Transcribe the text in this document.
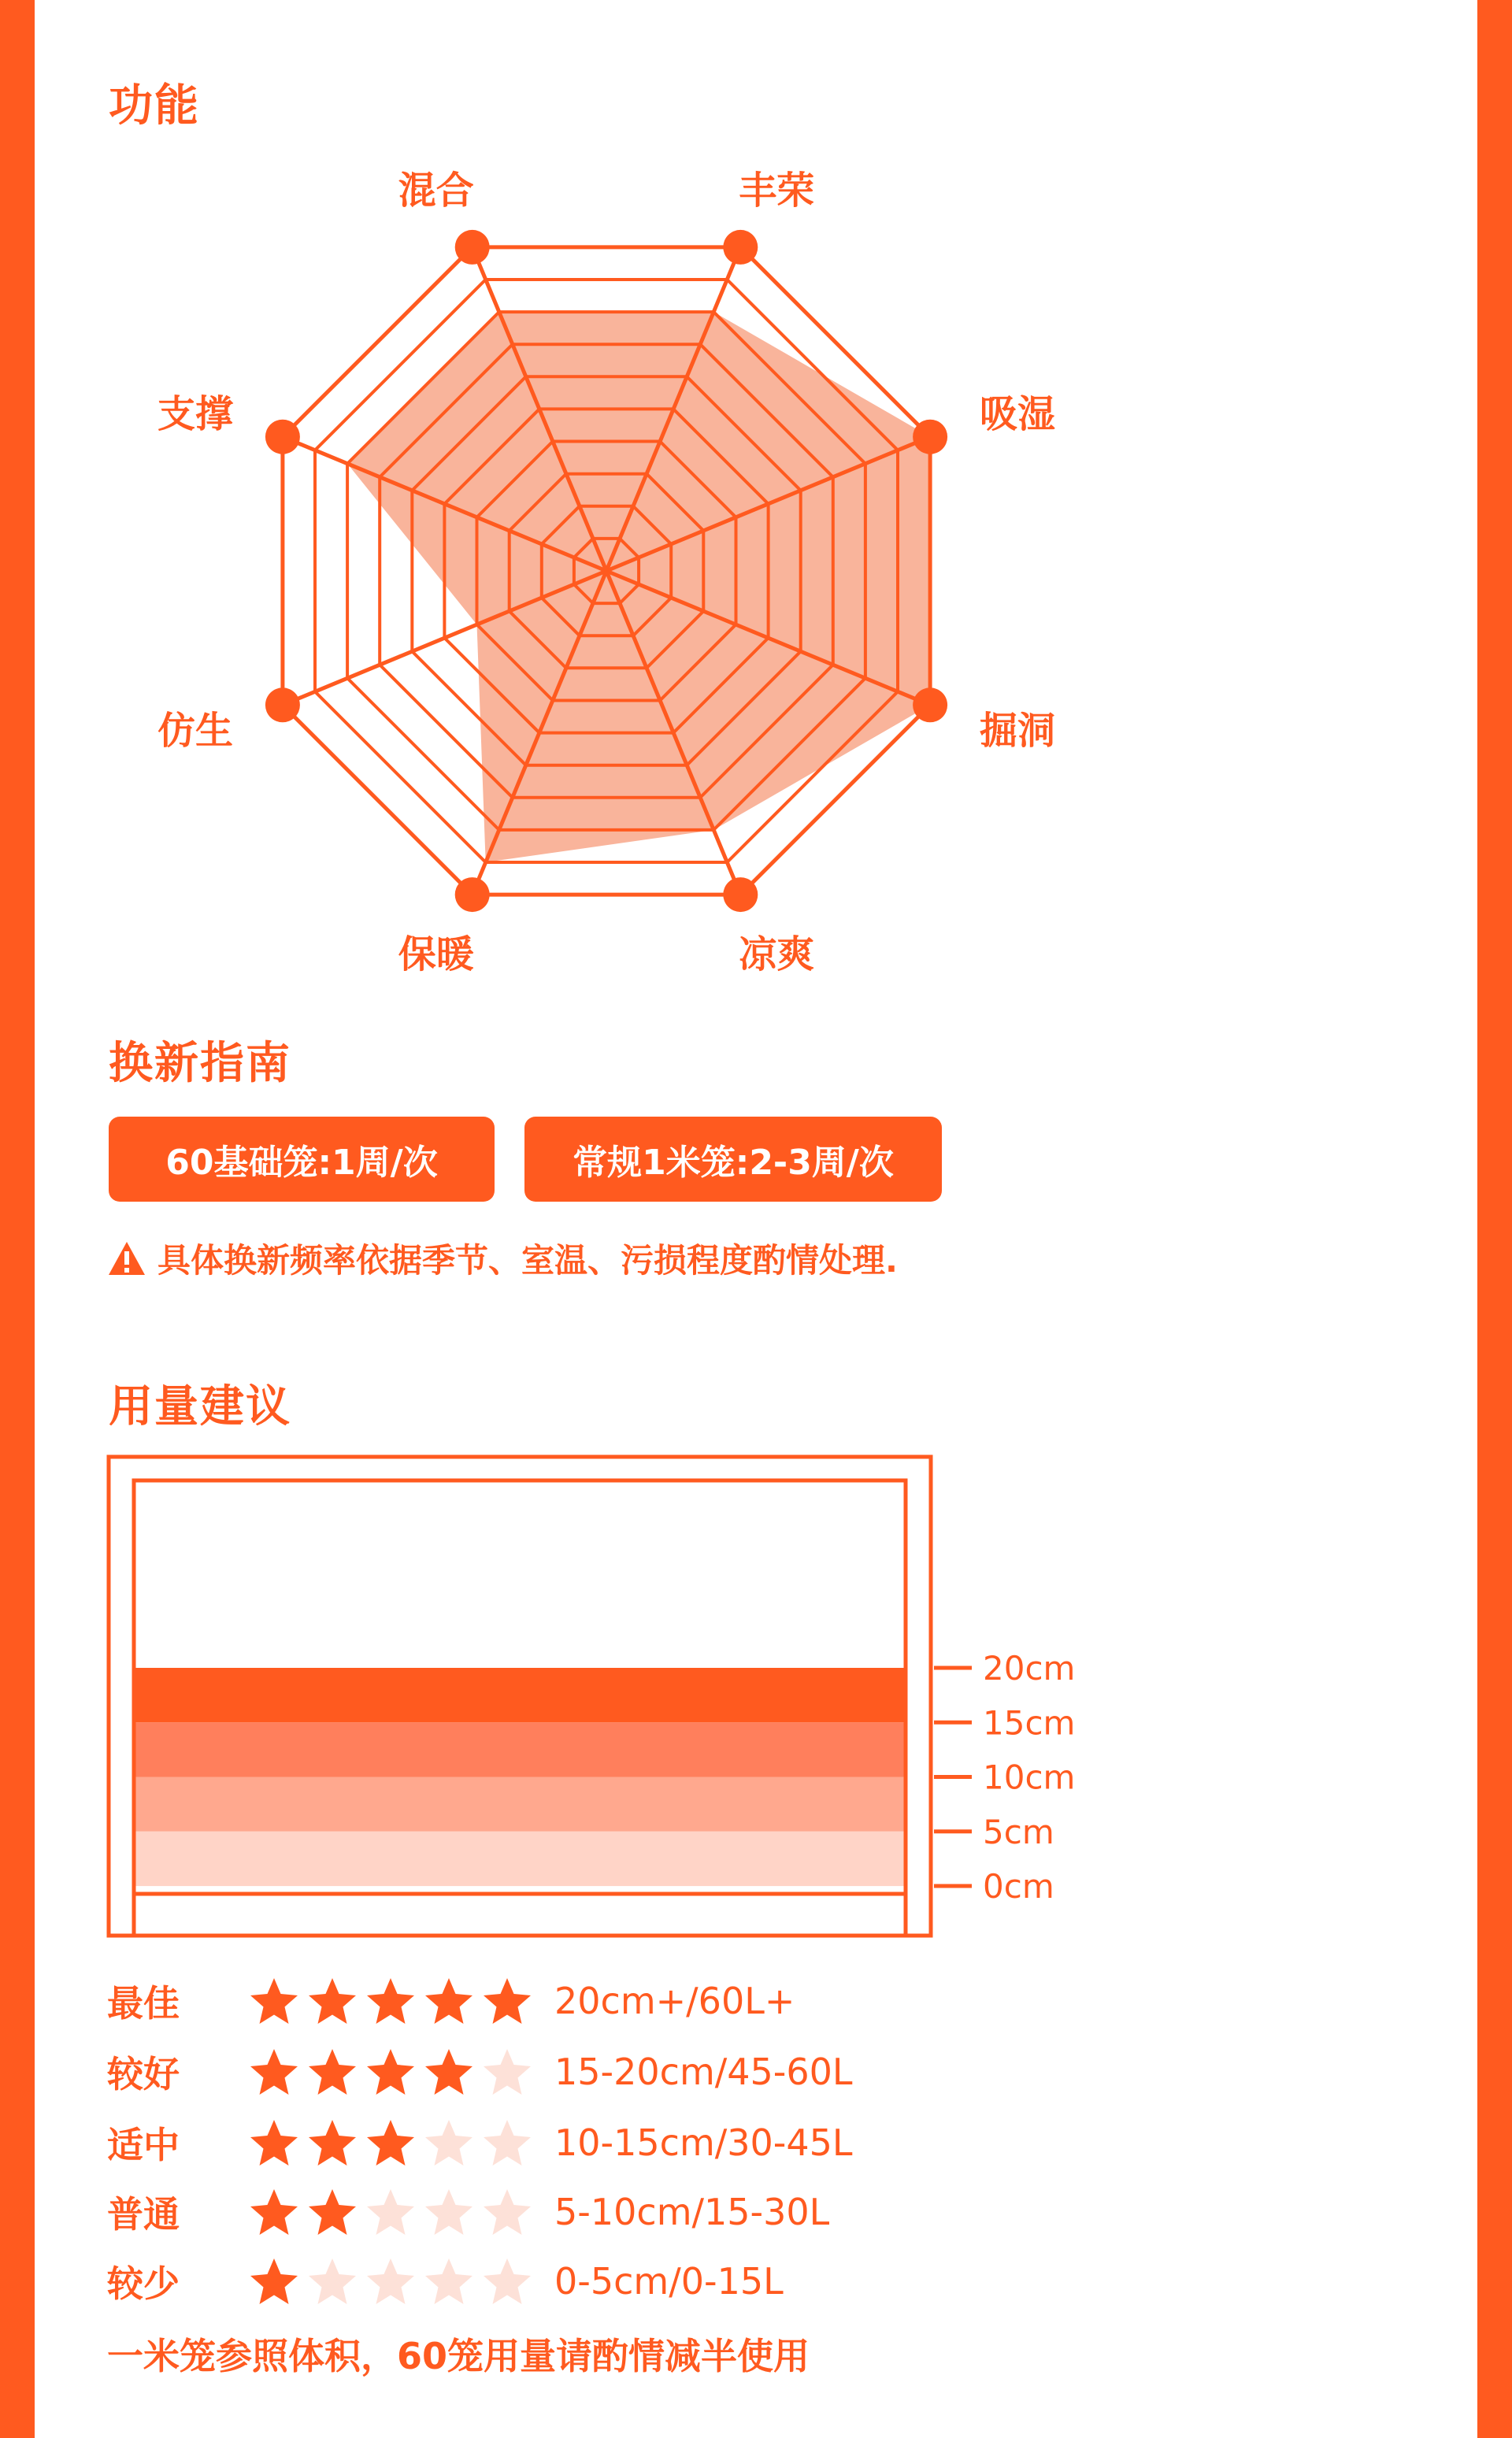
功能
丰荣
吸湿
掘洞
凉爽
保暖
仿生
支撑
混合
换新指南
60基础笼:1周/次	常规1米笼:2-3周/次
具体换新频率依据季节、室温、污损程度酌情处理.
用量建议
20cm
15cm
10cm
5cm
0cm
最佳	20cm+/60L+
较好	15-20cm/45-60L
适中	10-15cm/30-45L
普通	5-10cm/15-30L
较少	0-5cm/0-15L
一米笼参照体积，60笼用量请酌情减半使用
